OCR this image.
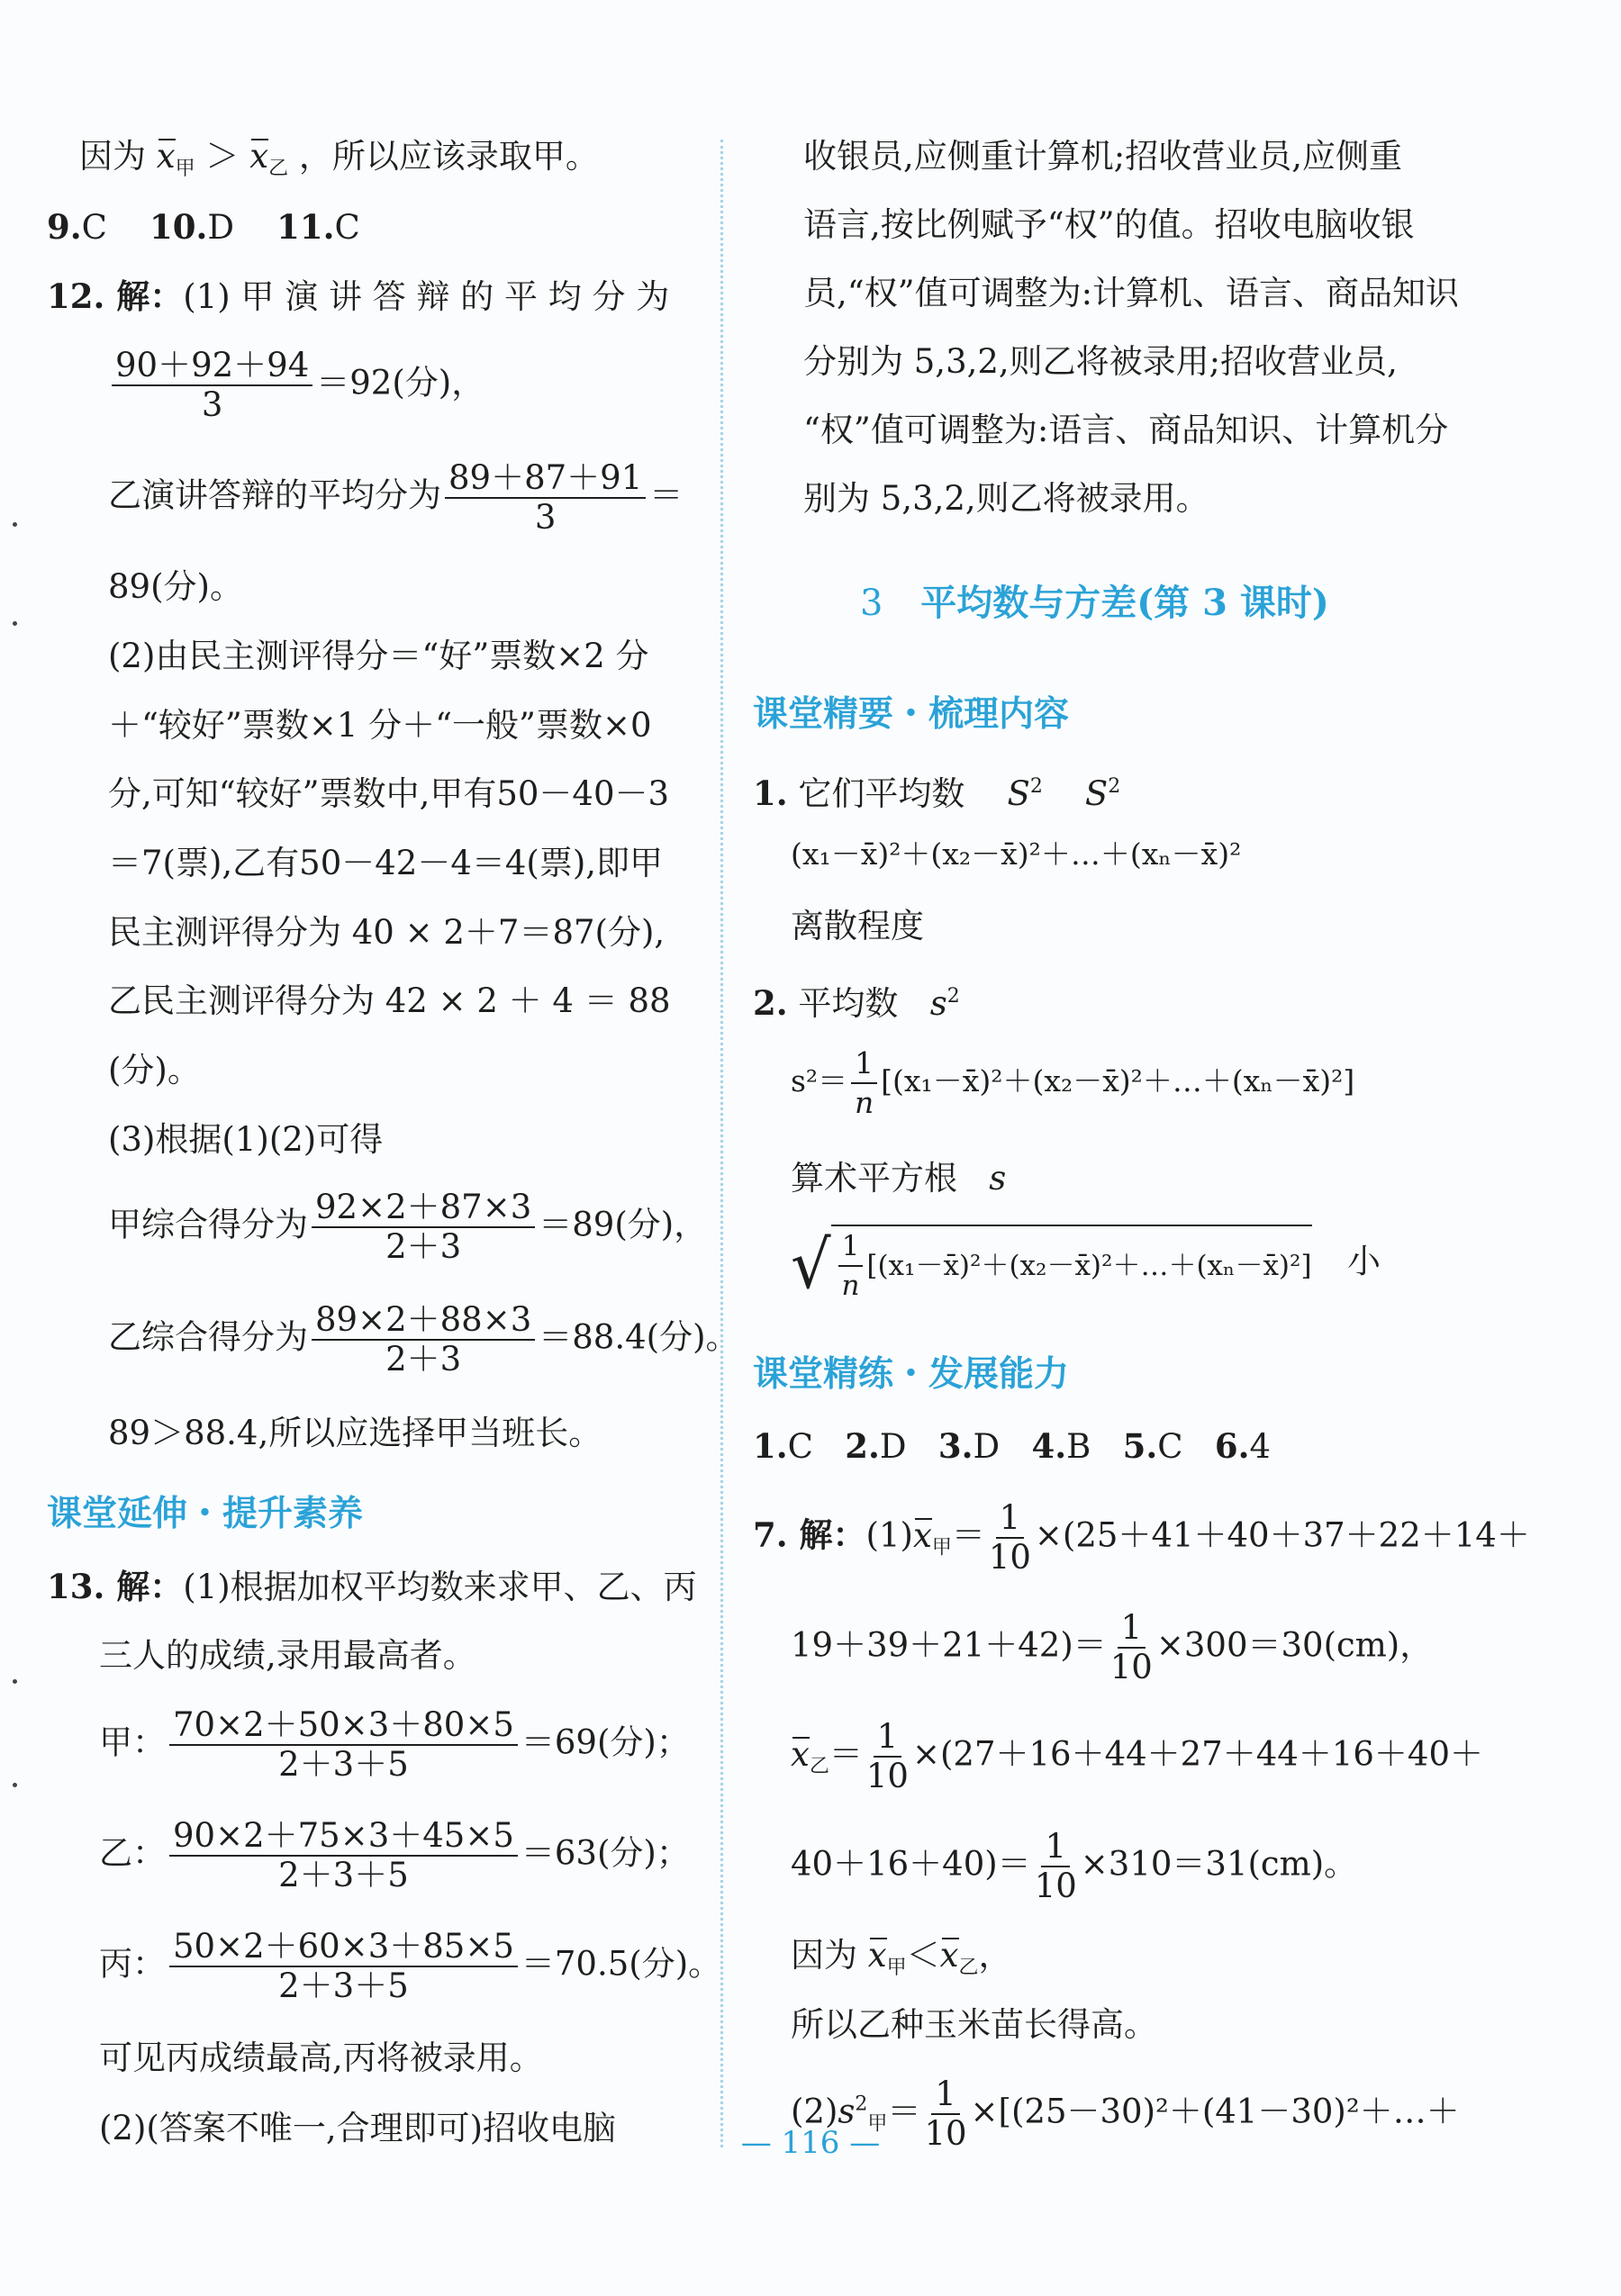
因为 $x_甲 > x_乙$ ，所以应该录取甲。
9.C 10.D 11.C
12. 解：(1) 甲 演 讲 答 辩 的 平 均 分 为
$\frac{90+92+94}{3} =92$(分)，
乙演讲答辩的平均分为 $\frac{89+87+91}{3}$ ＝
89(分)。
(2)由民主测评得分＝“好”票数×2 分
＋“较好”票数×1 分＋“一般”票数×0
分,可知“较好”票数中,甲有50－40－3
＝7(票),乙有50－42－4＝4(票),即甲
民主测评得分为 40 × 2＋7＝87(分),
乙民主测评得分为 42 × 2 ＋ 4 ＝ 88
(分)。
(3)根据(1)(2)可得
甲综合得分为 $\frac{92\times 2+87\times 3}{2+3} =89$(分)，
乙综合得分为 $\frac{89\times 2+88\times 3}{2+3} =88.4$(分)。
89＞88.4,所以应选择甲当班长。
课堂延伸・提升素养
13. 解：(1)根据加权平均数来求甲、乙、丙
三人的成绩,录用最高者。
甲： $\frac{70\times 2+50\times 3+80\times 5}{2+3+5} =69$(分)；
乙： $\frac{90\times 2+75\times 3+45\times 5}{2+3+5} =63$(分)；
丙： $\frac{50\times 2+60\times 3+85\times 5}{2+3+5} =70.5$(分)。
可见丙成绩最高,丙将被录用。
(2)(答案不唯一,合理即可)招收电脑
收银员,应侧重计算机;招收营业员,应侧重
语言,按比例赋予“权”的值。招收电脑收银
员,“权”值可调整为:计算机、语言、商品知识
分别为 5,3,2,则乙将被录用;招收营业员,
“权”值可调整为:语言、商品知识、计算机分
别为 5,3,2,则乙将被录用。
3 平均数与方差(第 3 课时)
课堂精要・梳理内容
1. 它们平均数 $S^2$ $S^2$
(x₁－x̄)²＋(x₂－x̄)²＋…＋(xₙ－x̄)²
离散程度
2. 平均数 $s^2$
$s^2= \frac{1}{n}$ [(x₁－x̄)²＋(x₂－x̄)²＋…＋(xₙ－x̄)²]
算术平方根 s
√ $\frac{1}{n}$ [(x₁－x̄)²＋(x₂－x̄)²＋…＋(xₙ－x̄)²] 小
课堂精练・发展能力
1.C 2.D 3.D 4.B 5.C 6.4
7. 解：$(1)x_甲= \frac{1}{10} \times(25+41+40+37+22+14+$
$19+39+21+42)= \frac{1}{10} \times 300=30(cm)$，
$x_乙= \frac{1}{10} \times(27+16+44+27+44+16+40+$
$40+16+40)= \frac{1}{10} \times 310=31(cm)$。
因为 $x_甲<x_乙$，
所以乙种玉米苗长得高。
$(2)s^2_甲= \frac{1}{10}$ ×[(25－30)²＋(41－30)²＋…＋
— 116 —
